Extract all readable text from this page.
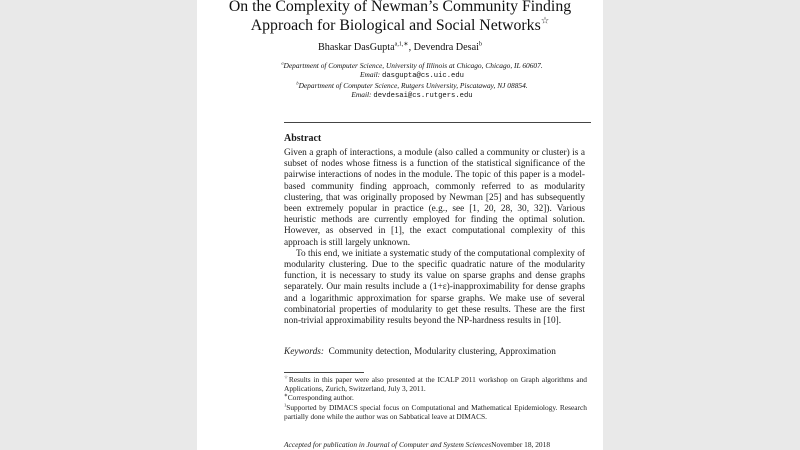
On the Complexity of Newman’s Community Finding
Approach for Biological and Social Networks☆
Bhaskar DasGupta$^{a,1,∗}$, Devendra Desai$^b$
$^a$Department of Computer Science, University of Illinois at Chicago, Chicago, IL 60607.
Email: dasgupta@cs.uic.edu
$^b$Department of Computer Science, Rutgers University, Piscataway, NJ 08854.
Email: devdesai@cs.rutgers.edu
Abstract

Given a graph of interactions, a module (also called a community or cluster) is a subset of nodes whose fitness is a function of the statistical significance of the pairwise interactions of nodes in the module. The topic of this paper is a model-based community finding approach, commonly referred to as modularity clustering, that was originally proposed by Newman [25] and has subsequently been extremely popular in practice (e.g., see [1, 20, 28, 30, 32]). Various heuristic methods are currently employed for finding the optimal solution. However, as observed in [1], the exact computational complexity of this approach is still largely unknown.

To this end, we initiate a systematic study of the computational complexity of modularity clustering. Due to the specific quadratic nature of the modularity function, it is necessary to study its value on sparse graphs and dense graphs separately. Our main results include a (1+ε)-inapproximability for dense graphs and a logarithmic approximation for sparse graphs. We make use of several combinatorial properties of modularity to get these results. These are the first non-trivial approximability results beyond the NP-hardness results in [10].

Keywords: Community detection, Modularity clustering, Approximation
☆Results in this paper were also presented at the ICALP 2011 workshop on Graph algorithms and Applications, Zurich, Switzerland, July 3, 2011.
∗Corresponding author.
$^1$Supported by DIMACS special focus on Computational and Mathematical Epidemiology. Research partially done while the author was on Sabbatical leave at DIMACS.
Accepted for publication in Journal of Computer and System SciencesNovember 18, 2018
